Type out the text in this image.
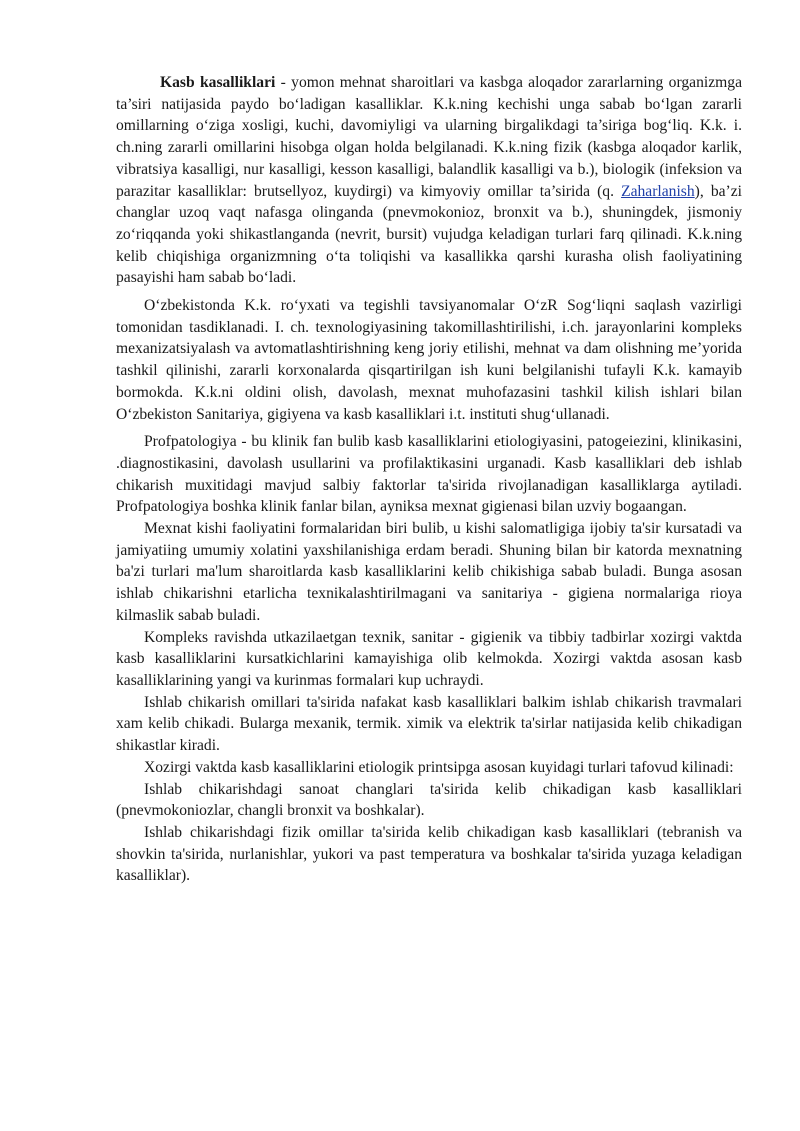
Kasb kasalliklari - yomon mehnat sharoitlari va kasbga aloqador zararlarning organizmga ta’siri natijasida paydo bo‘ladigan kasalliklar. K.k.ning kechishi unga sabab bo‘lgan zararli omillarning o‘ziga xosligi, kuchi, davomiyligi va ularning birgalikdagi ta’siriga bog‘liq. K.k. i. ch.ning zararli omillarini hisobga olgan holda belgilanadi. K.k.ning fizik (kasbga aloqador karlik, vibratsiya kasalligi, nur kasalligi, kesson kasalligi, balandlik kasalligi va b.), biologik (infeksion va parazitar kasalliklar: brutsellyoz, kuydirgi) va kimyoviy omillar ta’sirida (q. Zaharlanish), ba’zi changlar uzoq vaqt nafasga olinganda (pnevmokonioz, bronxit va b.), shuningdek, jismoniy zo‘riqqanda yoki shikastlanganda (nevrit, bursit) vujudga keladigan turlari farq qilinadi. K.k.ning kelib chiqishiga organizmning o‘ta toliqishi va kasallikka qarshi kurasha olish faoliyatining pasayishi ham sabab bo‘ladi.

O‘zbekistonda K.k. ro‘yxati va tegishli tavsiyanomalar O‘zR Sog‘liqni saqlash vazirligi tomonidan tasdiklanadi. I. ch. texnologiyasining takomillashtirilishi, i.ch. jarayonlarini kompleks mexanizatsiyalash va avtomatlashtirishning keng joriy etilishi, mehnat va dam olishning me’yorida tashkil qilinishi, zararli korxonalarda qisqartirilgan ish kuni belgilanishi tufayli K.k. kamayib bormokda. K.k.ni oldini olish, davolash, mexnat muhofazasini tashkil kilish ishlari bilan O‘zbekiston Sanitariya, gigiyena va kasb kasalliklari i.t. instituti shug‘ullanadi.

Profpatologiya - bu klinik fan bulib kasb kasalliklarini etiologiyasini, patogeiezini, klinikasini, .diagnostikasini, davolash usullarini va profilaktikasini urganadi. Kasb kasalliklari deb ishlab chikarish muxitidagi mavjud salbiy faktorlar ta'sirida rivojlanadigan kasalliklarga aytiladi. Profpatologiya boshka klinik fanlar bilan, ayniksa mexnat gigienasi bilan uzviy bogaangan.

Mexnat kishi faoliyatini formalaridan biri bulib, u kishi salomatligiga ijobiy ta'sir kursatadi va jamiyatiing umumiy xolatini yaxshilanishiga erdam beradi. Shuning bilan bir katorda mexnatning ba'zi turlari ma'lum sharoitlarda kasb kasalliklarini kelib chikishiga sabab buladi. Bunga asosan ishlab chikarishni etarlicha texnikalashtirilmagani va sanitariya - gigiena normalariga rioya kilmaslik sabab buladi.

Kompleks ravishda utkazilaetgan texnik, sanitar - gigienik va tibbiy tadbirlar xozirgi vaktda kasb kasalliklarini kursatkichlarini kamayishiga olib kelmokda. Xozirgi vaktda asosan kasb kasalliklarining yangi va kurinmas formalari kup uchraydi.

Ishlab chikarish omillari ta'sirida nafakat kasb kasalliklari balkim ishlab chikarish travmalari xam kelib chikadi. Bularga mexanik, termik. ximik va elektrik ta'sirlar natijasida kelib chikadigan shikastlar kiradi.

Xozirgi vaktda kasb kasalliklarini etiologik printsipga asosan kuyidagi turlari tafovud kilinadi:

Ishlab chikarishdagi sanoat changlari ta'sirida kelib chikadigan kasb kasalliklari (pnevmokoniozlar, changli bronxit va boshkalar).

Ishlab chikarishdagi fizik omillar ta'sirida kelib chikadigan kasb kasalliklari (tebranish va shovkin ta'sirida, nurlanishlar, yukori va past temperatura va boshkalar ta'sirida yuzaga keladigan kasalliklar).
